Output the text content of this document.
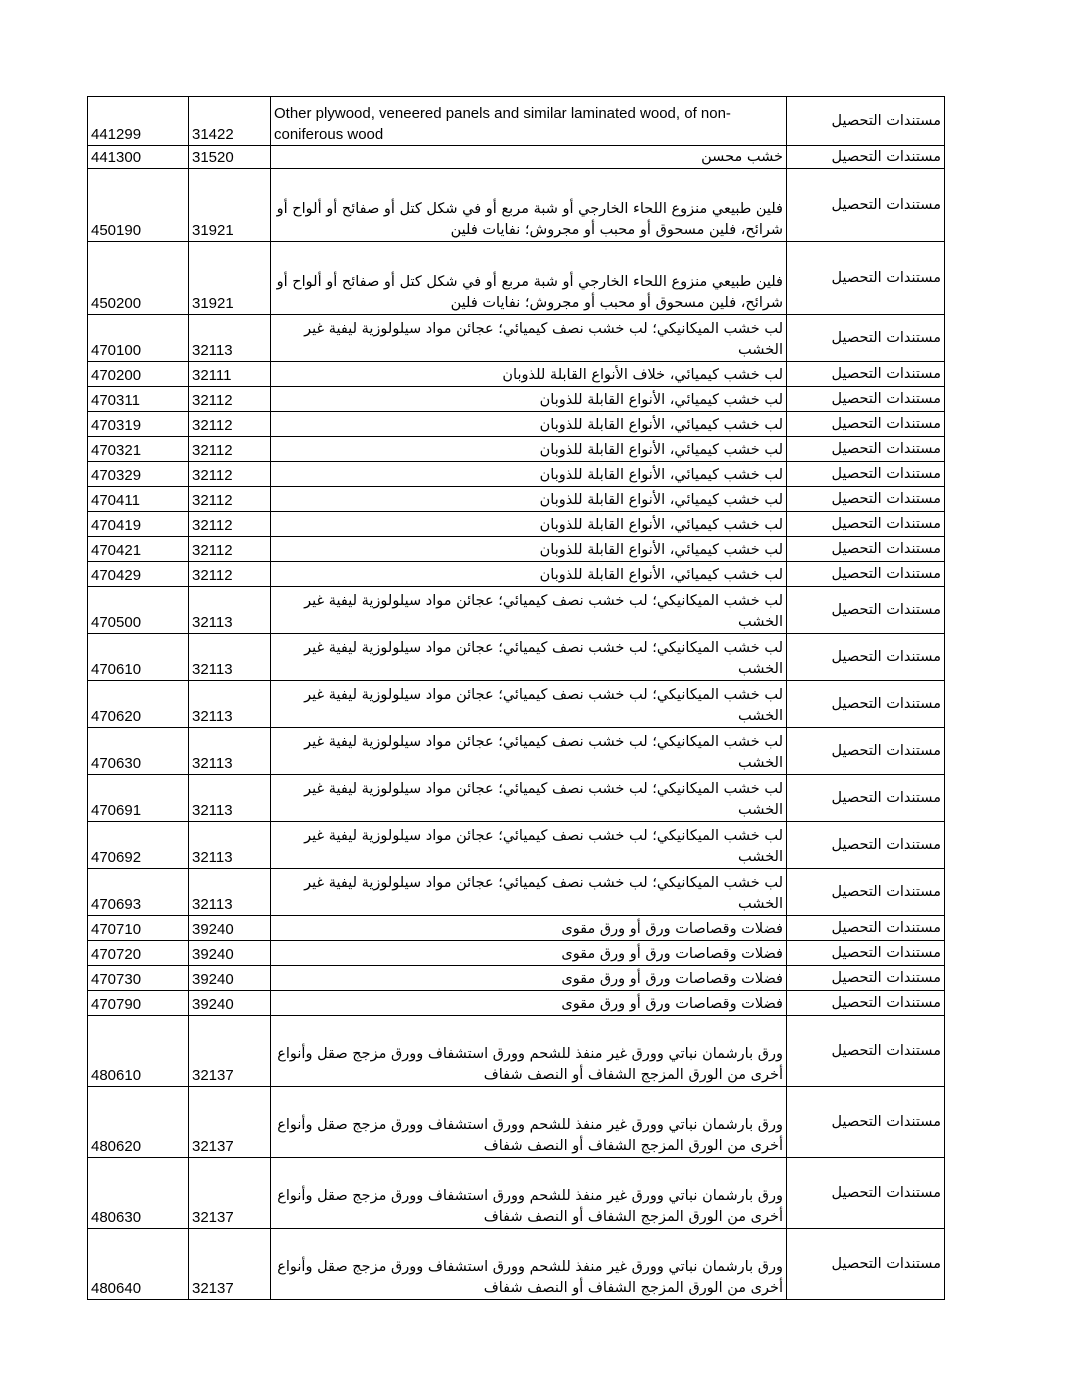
441299	31422	Other plywood, veneered panels and similar laminated wood, of non-coniferous wood	مستندات التحصيل
441300	31520	خشب محسن	مستندات التحصيل
450190	31921	فلين طبيعي منزوع اللحاء الخارجي أو شبة مربع أو في شكل كتل أو صفائح أو ألواح أو شرائح، فلين مسحوق أو محبب أو مجروش؛ نفايات فلين	مستندات التحصيل
450200	31921	فلين طبيعي منزوع اللحاء الخارجي أو شبة مربع أو في شكل كتل أو صفائح أو ألواح أو شرائح، فلين مسحوق أو محبب أو مجروش؛ نفايات فلين	مستندات التحصيل
470100	32113	لب خشب الميكانيكي؛ لب خشب نصف كيميائي؛ عجائن مواد سيلولوزية ليفية غير الخشب	مستندات التحصيل
470200	32111	لب خشب كيميائي، خلاف الأنواع القابلة للذوبان	مستندات التحصيل
470311	32112	لب خشب كيميائي، الأنواع القابلة للذوبان	مستندات التحصيل
470319	32112	لب خشب كيميائي، الأنواع القابلة للذوبان	مستندات التحصيل
470321	32112	لب خشب كيميائي، الأنواع القابلة للذوبان	مستندات التحصيل
470329	32112	لب خشب كيميائي، الأنواع القابلة للذوبان	مستندات التحصيل
470411	32112	لب خشب كيميائي، الأنواع القابلة للذوبان	مستندات التحصيل
470419	32112	لب خشب كيميائي، الأنواع القابلة للذوبان	مستندات التحصيل
470421	32112	لب خشب كيميائي، الأنواع القابلة للذوبان	مستندات التحصيل
470429	32112	لب خشب كيميائي، الأنواع القابلة للذوبان	مستندات التحصيل
470500	32113	لب خشب الميكانيكي؛ لب خشب نصف كيميائي؛ عجائن مواد سيلولوزية ليفية غير الخشب	مستندات التحصيل
470610	32113	لب خشب الميكانيكي؛ لب خشب نصف كيميائي؛ عجائن مواد سيلولوزية ليفية غير الخشب	مستندات التحصيل
470620	32113	لب خشب الميكانيكي؛ لب خشب نصف كيميائي؛ عجائن مواد سيلولوزية ليفية غير الخشب	مستندات التحصيل
470630	32113	لب خشب الميكانيكي؛ لب خشب نصف كيميائي؛ عجائن مواد سيلولوزية ليفية غير الخشب	مستندات التحصيل
470691	32113	لب خشب الميكانيكي؛ لب خشب نصف كيميائي؛ عجائن مواد سيلولوزية ليفية غير الخشب	مستندات التحصيل
470692	32113	لب خشب الميكانيكي؛ لب خشب نصف كيميائي؛ عجائن مواد سيلولوزية ليفية غير الخشب	مستندات التحصيل
470693	32113	لب خشب الميكانيكي؛ لب خشب نصف كيميائي؛ عجائن مواد سيلولوزية ليفية غير الخشب	مستندات التحصيل
470710	39240	فضلات وقصاصات ورق أو ورق مقوى	مستندات التحصيل
470720	39240	فضلات وقصاصات ورق أو ورق مقوى	مستندات التحصيل
470730	39240	فضلات وقصاصات ورق أو ورق مقوى	مستندات التحصيل
470790	39240	فضلات وقصاصات ورق أو ورق مقوى	مستندات التحصيل
480610	32137	ورق بارشمان نباتي وورق غير منفذ للشحم وورق استشفاف وورق مزجج صقل وأنواع أخرى من الورق المزجج الشفاف أو النصف شفاف	مستندات التحصيل
480620	32137	ورق بارشمان نباتي وورق غير منفذ للشحم وورق استشفاف وورق مزجج صقل وأنواع أخرى من الورق المزجج الشفاف أو النصف شفاف	مستندات التحصيل
480630	32137	ورق بارشمان نباتي وورق غير منفذ للشحم وورق استشفاف وورق مزجج صقل وأنواع أخرى من الورق المزجج الشفاف أو النصف شفاف	مستندات التحصيل
480640	32137	ورق بارشمان نباتي وورق غير منفذ للشحم وورق استشفاف وورق مزجج صقل وأنواع أخرى من الورق المزجج الشفاف أو النصف شفاف	مستندات التحصيل
